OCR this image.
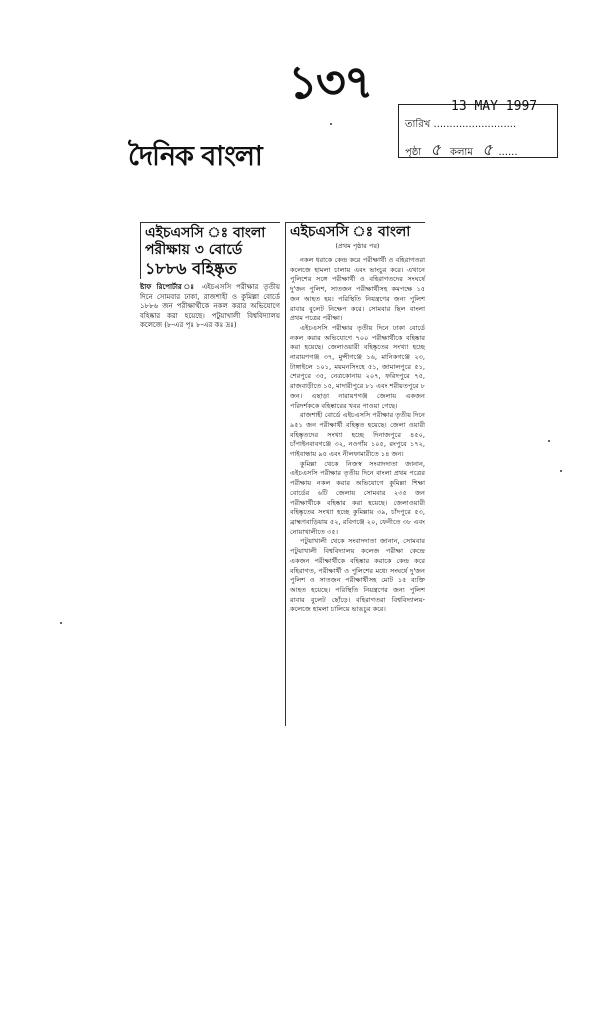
১৩৭	13 MAY 1997
তারিখ ..........................
পৃষ্ঠা ৫ কলাম ৫ ......
দৈনিক বাংলা
এইচএসসি ঃ বাংলা
পরীক্ষায় ৩ বোর্ডে
১৮৮৬ বহিষ্কৃত
ষ্টাফ রিপোর্টার ঃ এইচএসসি পরীক্ষার তৃতীয় দিনে সোমবার ঢাকা, রাজশাহী ও কুমিল্লা বোর্ডে ১৮৮৬ জন পরীক্ষার্থীকে নকল করার অভিযোগে বহিষ্কার করা হয়েছে। পটুয়াখালী বিশ্ববিদ্যালয় কলেজে (৮-এর পৃঃ ৮-এর কঃ দ্রঃ)
এইচএসসি ঃ বাংলা
(প্রথম পৃষ্ঠার পর)

নকল ধরাকে কেন্দ্র করে পরীক্ষার্থী ও বহিরাগতরা কলেজে হামলা চালায় এবং ভাংচুর করে। এখানে পুলিশের সঙ্গে পরীক্ষার্থী ও বহিরাগতদের সংঘর্ষে দু'জন পুলিশ, সাতজন পরীক্ষার্থীসহ কমপক্ষে ১৫ জন আহত হয়। পরিস্থিতি নিয়ন্ত্রণের জন্য পুলিশ রাবার বুলেট নিক্ষেপ করে। সোমবার ছিল বাংলা প্রথম পত্রের পরীক্ষা।

এইচএসসি পরীক্ষার তৃতীয় দিনে ঢাকা বোর্ডে নকল করার অভিযোগে ৭০০ পরীক্ষার্থীকে বহিষ্কার করা হয়েছে। জেলাওয়ারী বহিষ্কৃতের সংখ্যা হচ্ছে নারায়ণগঞ্জ ৩৭, মুন্সীগঞ্জে ১৬, মানিকগঞ্জে ২৩, টাঙ্গাইলে ১০১, ময়মনসিংহে ৫১, জামালপুরে ৫১, শেরপুরে ৩৫, নেত্রকোনায় ২০৭, ফরিদপুরে ৭৫, রাজবাড়ীতে ১৫, মাদারীপুরে ৮১ এবং শরীয়তপুরে ৮ জন। এছাড়া নারায়ণগঞ্জ জেলায় একজন পরিদর্শককে বহিষ্কারের খবর পাওয়া গেছে।

রাজশাহী বোর্ডে এইচএসসি পরীক্ষার তৃতীয় দিনে ৯৫১ জন পরীক্ষার্থী বহিষ্কৃত হয়েছে। জেলা ওয়ারী বহিষ্কৃতদের সংখ্যা হচ্ছে দিনাজপুরে ৪৫০, চাঁপাইনবাবগঞ্জে ৩২, নওগাঁয় ১০৫, রংপুরে ১৭২, গাইবান্ধায় ৯৫ এবং নীলফামারীতে ১৪ জন।

কুমিল্লা থেকে নিজস্ব সংবাদদাতা জানান, এইচএসসি পরীক্ষার তৃতীয় দিনে বাংলা প্রথম পত্রের পরীক্ষায় নকল করার অভিযোগে কুমিল্লা শিক্ষা বোর্ডের ৬টি জেলায় সোমবার ২৩৫ জন পরীক্ষার্থীকে বহিষ্কার করা হয়েছে। জেলাওয়ারী বহিষ্কৃতের সংখ্যা হচ্ছে কুমিল্লায় ৩৯, চাঁদপুরে ৫৩, ব্রাহ্মণবাড়িয়ায় ৫২, রবিগঞ্জে ২০, ফেনীতে ৩৮ এবং নোয়াখালীতে ৩৫।

পটুয়াখালী থেকে সংবাদদাতা জানান, সোমবার পটুয়াখালী বিশ্ববিদ্যালয় কলেজ পরীক্ষা কেন্দ্রে একজন পরীক্ষার্থীকে বহিষ্কার করাকে কেন্দ্র করে বহিরাগত, পরীক্ষার্থী ও পুলিশের মধ্যে সংঘর্ষে দু'জন পুলিশ ও সাতজন পরীক্ষার্থীসহ মোট ১৫ ব্যক্তি আহত হয়েছে। পরিস্থিতি নিয়ন্ত্রণের জন্য পুলিশ রাবার বুলেট ছোঁড়ে। বহিরাগতরা বিশ্ববিদ্যালয়-কলেজে হামলা চালিয়ে ভাঙচুর করে।
